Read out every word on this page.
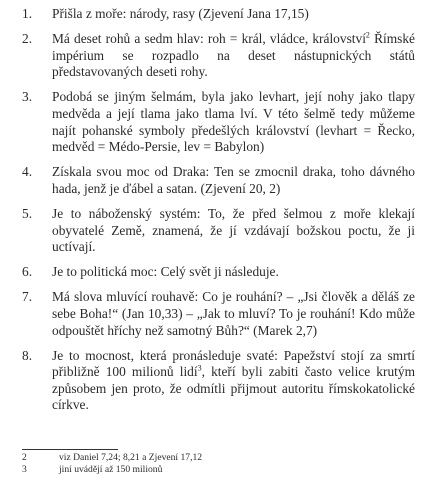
1.	Přišla z moře: národy, rasy (Zjevení Jana 17,15)
2.	Má deset rohů a sedm hlav: roh = král, vládce, království$^2$ Římské impérium se rozpadlo na deset nástupnických států představovaných deseti rohy.
3.	Podobá se jiným šelmám, byla jako levhart, její nohy jako tlapy medvěda a její tlama jako tlama lví. V této šelmě tedy můžeme najít pohanské symboly předešlých království (levhart = Řecko, medvěd = Médo-Persie, lev = Babylon)
4.	Získala svou moc od Draka: Ten se zmocnil draka, toho dávného hada, jenž je ďábel a satan. (Zjevení 20, 2)
5.	Je to náboženský systém: To, že před šelmou z moře klekají obyvatelé Země, znamená, že jí vzdávají božskou poctu, že ji uctívají.
6.	Je to politická moc: Celý svět ji následuje.
7.	Má slova mluvící rouhavě: Co je rouhání? – „Jsi člověk a děláš ze sebe Boha!“ (Jan 10,33) – „Jak to mluví? To je rouhání! Kdo může odpouštět hříchy než samotný Bůh?“ (Marek 2,7)
8.	Je to mocnost, která pronásleduje svaté: Papežství stojí za smrtí přibližně 100 milionů lidí$^3$, kteří byli zabiti často velice krutým způsobem jen proto, že odmítli přijmout autoritu římskokatolické církve.
2	viz Daniel 7,24; 8,21 a Zjevení 17,12
3	jiní uvádějí až 150 milionů
